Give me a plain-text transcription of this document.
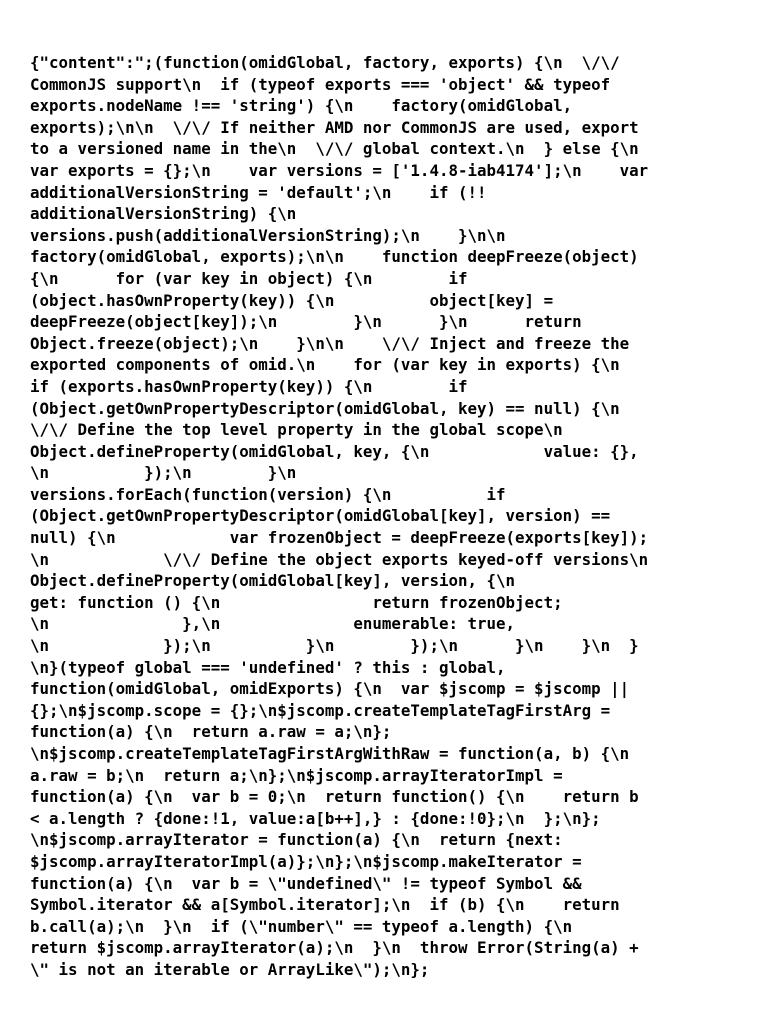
{"content":";(function(omidGlobal, factory, exports) {\n  \/\/
CommonJS support\n  if (typeof exports === 'object' && typeof
exports.nodeName !== 'string') {\n    factory(omidGlobal,
exports);\n\n  \/\/ If neither AMD nor CommonJS are used, export
to a versioned name in the\n  \/\/ global context.\n  } else {\n
var exports = {};\n    var versions = ['1.4.8-iab4174'];\n    var
additionalVersionString = 'default';\n    if (!!
additionalVersionString) {\n
versions.push(additionalVersionString);\n    }\n\n
factory(omidGlobal, exports);\n\n    function deepFreeze(object)
{\n      for (var key in object) {\n        if
(object.hasOwnProperty(key)) {\n          object[key] =
deepFreeze(object[key]);\n        }\n      }\n      return
Object.freeze(object);\n    }\n\n    \/\/ Inject and freeze the
exported components of omid.\n    for (var key in exports) {\n
if (exports.hasOwnProperty(key)) {\n        if
(Object.getOwnPropertyDescriptor(omidGlobal, key) == null) {\n
\/\/ Define the top level property in the global scope\n
Object.defineProperty(omidGlobal, key, {\n            value: {},
\n          });\n        }\n
versions.forEach(function(version) {\n          if
(Object.getOwnPropertyDescriptor(omidGlobal[key], version) ==
null) {\n            var frozenObject = deepFreeze(exports[key]);
\n            \/\/ Define the object exports keyed-off versions\n
Object.defineProperty(omidGlobal[key], version, {\n
get: function () {\n                return frozenObject;
\n              },\n              enumerable: true,
\n            });\n          }\n        });\n      }\n    }\n  }
\n}(typeof global === 'undefined' ? this : global,
function(omidGlobal, omidExports) {\n  var $jscomp = $jscomp ||
{};\n$jscomp.scope = {};\n$jscomp.createTemplateTagFirstArg =
function(a) {\n  return a.raw = a;\n};
\n$jscomp.createTemplateTagFirstArgWithRaw = function(a, b) {\n
a.raw = b;\n  return a;\n};\n$jscomp.arrayIteratorImpl =
function(a) {\n  var b = 0;\n  return function() {\n    return b
< a.length ? {done:!1, value:a[b++],} : {done:!0};\n  };\n};
\n$jscomp.arrayIterator = function(a) {\n  return {next:
$jscomp.arrayIteratorImpl(a)};\n};\n$jscomp.makeIterator =
function(a) {\n  var b = \"undefined\" != typeof Symbol &&
Symbol.iterator && a[Symbol.iterator];\n  if (b) {\n    return
b.call(a);\n  }\n  if (\"number\" == typeof a.length) {\n
return $jscomp.arrayIterator(a);\n  }\n  throw Error(String(a) +
\" is not an iterable or ArrayLike\");\n};
